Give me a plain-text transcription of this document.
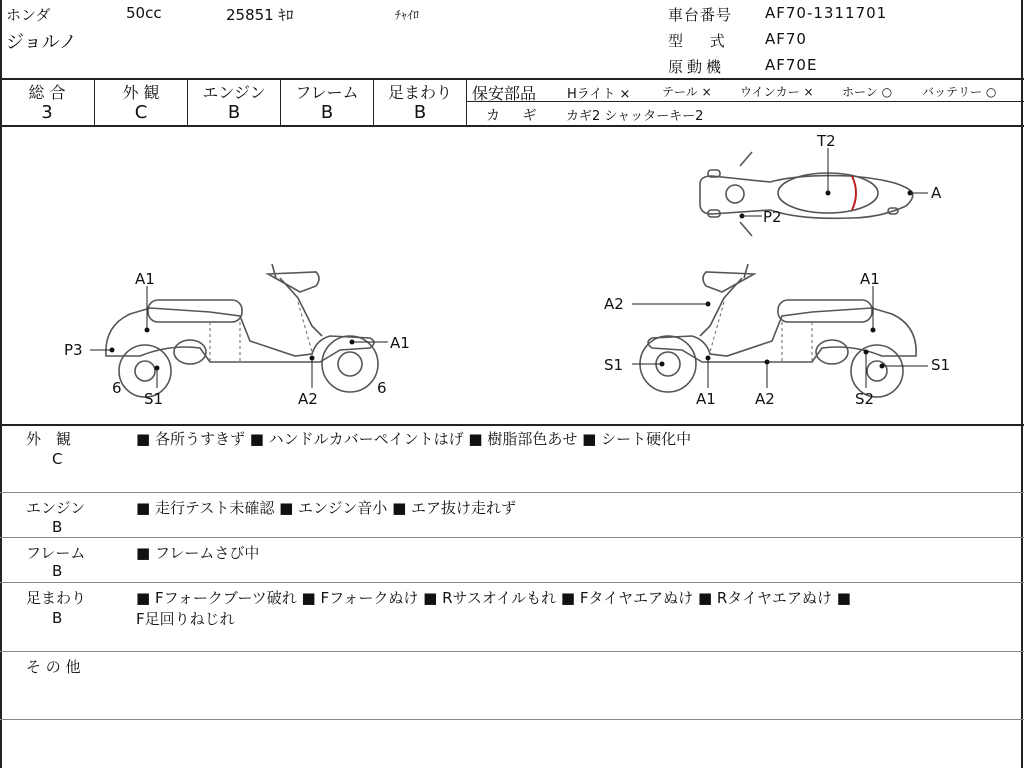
ホンダ	50cc	25851 ｷﾛ	ﾁｬｲﾛ
ジョルノ
車台番号 AF70-1311701
型 式	AF70
原動機	AF70E
総 合
3
外 観
C
エンジン
B
フレーム
B
足まわり
B
保安部品 Hライト ×	テール × ウインカー × ホーン ○ バッテリー ○
カ ギ カギ2 シャッターキー2
T2
A
P2
A1
P3
6
S1	A2
A1
6
A2
A1
S1
A1	A2	S2
S1
外　観
C
■ 各所うすきず ■ ハンドルカバーペイントはげ ■ 樹脂部色あせ ■ シート硬化中
エンジン
B
■ 走行テスト未確認 ■ エンジン音小 ■ エア抜け走れず
フレーム
B
■ フレームさび中
足まわり
B
■ Fフォークブーツ破れ ■ Fフォークぬけ ■ Rサスオイルもれ ■ Fタイヤエアぬけ ■ Rタイヤエアぬけ ■
F足回りねじれ
そ の 他
